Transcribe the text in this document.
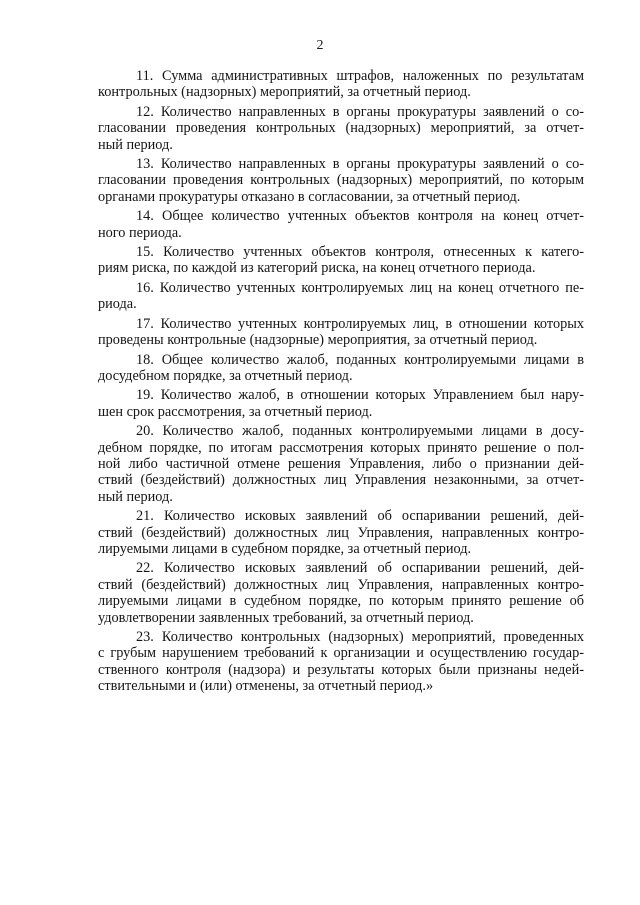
2

11. Сумма административных штрафов, наложенных по результатам
контрольных (надзорных) мероприятий, за отчетный период.

12. Количество направленных в органы прокуратуры заявлений о со-
гласовании проведения контрольных (надзорных) мероприятий, за отчет-
ный период.

13. Количество направленных в органы прокуратуры заявлений о со-
гласовании проведения контрольных (надзорных) мероприятий, по которым
органами прокуратуры отказано в согласовании, за отчетный период.

14. Общее количество учтенных объектов контроля на конец отчет-
ного периода.

15. Количество учтенных объектов контроля, отнесенных к катего-
риям риска, по каждой из категорий риска, на конец отчетного периода.

16. Количество учтенных контролируемых лиц на конец отчетного пе-
риода.

17. Количество учтенных контролируемых лиц, в отношении которых
проведены контрольные (надзорные) мероприятия, за отчетный период.

18. Общее количество жалоб, поданных контролируемыми лицами в
досудебном порядке, за отчетный период.

19. Количество жалоб, в отношении которых Управлением был нару-
шен срок рассмотрения, за отчетный период.

20. Количество жалоб, поданных контролируемыми лицами в досу-
дебном порядке, по итогам рассмотрения которых принято решение о пол-
ной либо частичной отмене решения Управления, либо о признании дей-
ствий (бездействий) должностных лиц Управления незаконными, за отчет-
ный период.

21. Количество исковых заявлений об оспаривании решений, дей-
ствий (бездействий) должностных лиц Управления, направленных контро-
лируемыми лицами в судебном порядке, за отчетный период.

22. Количество исковых заявлений об оспаривании решений, дей-
ствий (бездействий) должностных лиц Управления, направленных контро-
лируемыми лицами в судебном порядке, по которым принято решение об
удовлетворении заявленных требований, за отчетный период.

23. Количество контрольных (надзорных) мероприятий, проведенных
с грубым нарушением требований к организации и осуществлению государ-
ственного контроля (надзора) и результаты которых были признаны недей-
ствительными и (или) отменены, за отчетный период.»
